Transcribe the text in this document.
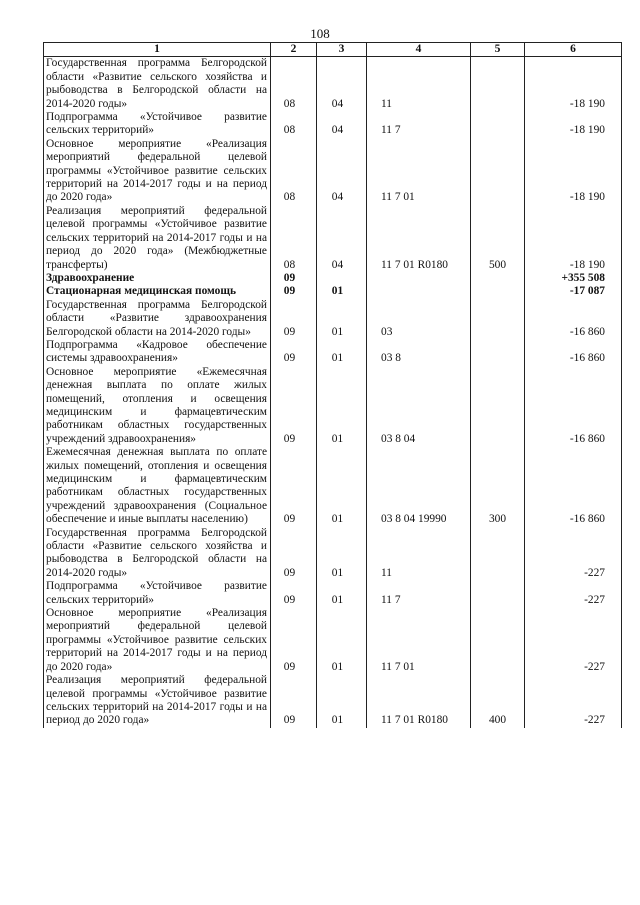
108
1	2	3	4	5	6
Государственная программа Белгородской области «Развитие сельского хозяйства и рыбоводства в Белгородской области на 2014-2020 годы»	08	04	11		-18 190
Подпрограмма «Устойчивое развитие сельских территорий»	08	04	11 7		-18 190
Основное мероприятие «Реализация мероприятий федеральной целевой программы «Устойчивое развитие сельских территорий на 2014-2017 годы и на период до 2020 года»	08	04	11 7 01		-18 190
Реализация мероприятий федеральной целевой программы «Устойчивое развитие сельских территорий на 2014-2017 годы и на период до 2020 года» (Межбюджетные трансферты)	08	04	11 7 01 R0180	500	-18 190
Здравоохранение	09				+355 508
Стационарная медицинская помощь	09	01			-17 087
Государственная программа Белгородской области «Развитие здравоохранения Белгородской области на 2014-2020 годы»	09	01	03		-16 860
Подпрограмма «Кадровое обеспечение системы здравоохранения»	09	01	03 8		-16 860
Основное мероприятие «Ежемесячная денежная выплата по оплате жилых помещений, отопления и освещения медицинским и фармацевтическим работникам областных государственных учреждений здравоохранения»	09	01	03 8 04		-16 860
Ежемесячная денежная выплата по оплате жилых помещений, отопления и освещения медицинским и фармацевтическим работникам областных государственных учреждений здравоохранения (Социальное обеспечение и иные выплаты населению)	09	01	03 8 04 19990	300	-16 860
Государственная программа Белгородской области «Развитие сельского хозяйства и рыбоводства в Белгородской области на 2014-2020 годы»	09	01	11		-227
Подпрограмма «Устойчивое развитие сельских территорий»	09	01	11 7		-227
Основное мероприятие «Реализация мероприятий федеральной целевой программы «Устойчивое развитие сельских территорий на 2014-2017 годы и на период до 2020 года»	09	01	11 7 01		-227
Реализация мероприятий федеральной целевой программы «Устойчивое развитие сельских территорий на 2014-2017 годы и на период до 2020 года»	09	01	11 7 01 R0180	400	-227
